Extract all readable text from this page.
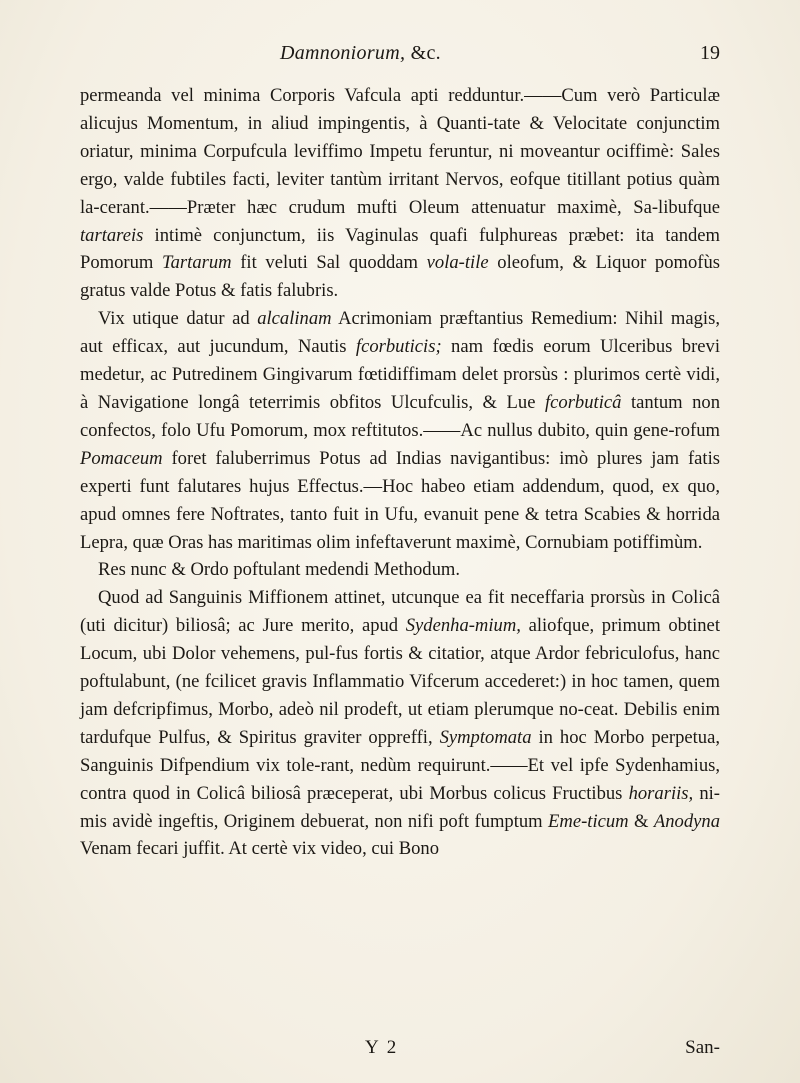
Damnoniorum, &c.	19

permeanda vel minima Corporis Vafcula apti redduntur.——Cum verò Particulæ alicujus Momentum, in aliud impingentis, à Quanti-tate & Velocitate conjunctim oriatur, minima Corpufcula leviffimo Impetu feruntur, ni moveantur ociffimè: Sales ergo, valde fubtiles facti, leviter tantùm irritant Nervos, eofque titillant potius quàm la-cerant.——Præter hæc crudum mufti Oleum attenuatur maximè, Sa-libufque tartareis intimè conjunctum, iis Vaginulas quafi fulphureas præbet: ita tandem Pomorum Tartarum fit veluti Sal quoddam vola-tile oleofum, & Liquor pomofùs gratus valde Potus & fatis falubris.

Vix utique datur ad alcalinam Acrimoniam præftantius Remedium: Nihil magis, aut efficax, aut jucundum, Nautis fcorbuticis; nam fœdis eorum Ulceribus brevi medetur, ac Putredinem Gingivarum fœtidiffimam delet prorsùs : plurimos certè vidi, à Navigatione longâ teterrimis obfitos Ulcufculis, & Lue fcorbuticâ tantum non confectos, folo Ufu Pomorum, mox reftitutos.——Ac nullus dubito, quin gene-rofum Pomaceum foret faluberrimus Potus ad Indias navigantibus: imò plures jam fatis experti funt falutares hujus Effectus.—Hoc habeo etiam addendum, quod, ex quo, apud omnes fere Noftrates, tanto fuit in Ufu, evanuit pene & tetra Scabies & horrida Lepra, quæ Oras has maritimas olim infeftaverunt maximè, Cornubiam potiffimùm.

Res nunc & Ordo poftulant medendi Methodum.

Quod ad Sanguinis Miffionem attinet, utcunque ea fit neceffaria prorsùs in Colicâ (uti dicitur) biliosâ; ac Jure merito, apud Sydenha-mium, aliofque, primum obtinet Locum, ubi Dolor vehemens, pul-fus fortis & citatior, atque Ardor febriculofus, hanc poftulabunt, (ne fcilicet gravis Inflammatio Vifcerum accederet:) in hoc tamen, quem jam defcripfimus, Morbo, adeò nil prodeft, ut etiam plerumque no-ceat. Debilis enim tardufque Pulfus, & Spiritus graviter oppreffi, Symptomata in hoc Morbo perpetua, Sanguinis Difpendium vix tole-rant, nedùm requirunt.——Et vel ipfe Sydenhamius, contra quod in Colicâ biliosâ præceperat, ubi Morbus colicus Fructibus horariis, ni-mis avidè ingeftis, Originem debuerat, non nifi poft fumptum Eme-ticum & Anodyna Venam fecari juffit. At certè vix video, cui Bono

Y 2	San-
